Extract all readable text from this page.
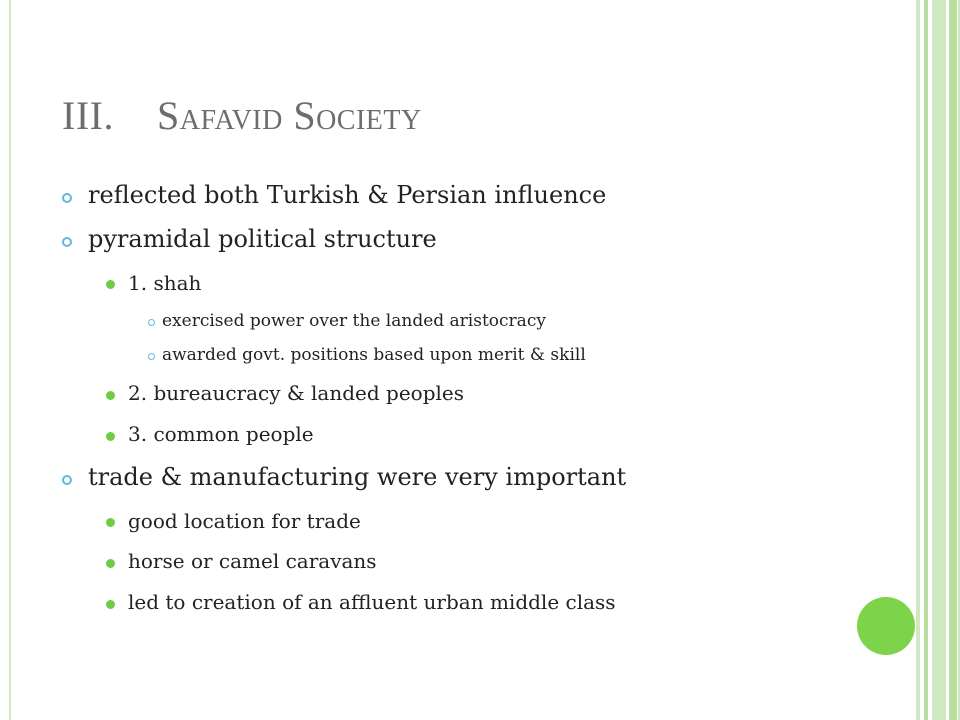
III. Safavid Society
reflected both Turkish & Persian influence
pyramidal political structure
1. shah
exercised power over the landed aristocracy
awarded govt. positions based upon merit & skill
2. bureaucracy & landed peoples
3. common people
trade & manufacturing were very important
good location for trade
horse or camel caravans
led to creation of an affluent urban middle class
